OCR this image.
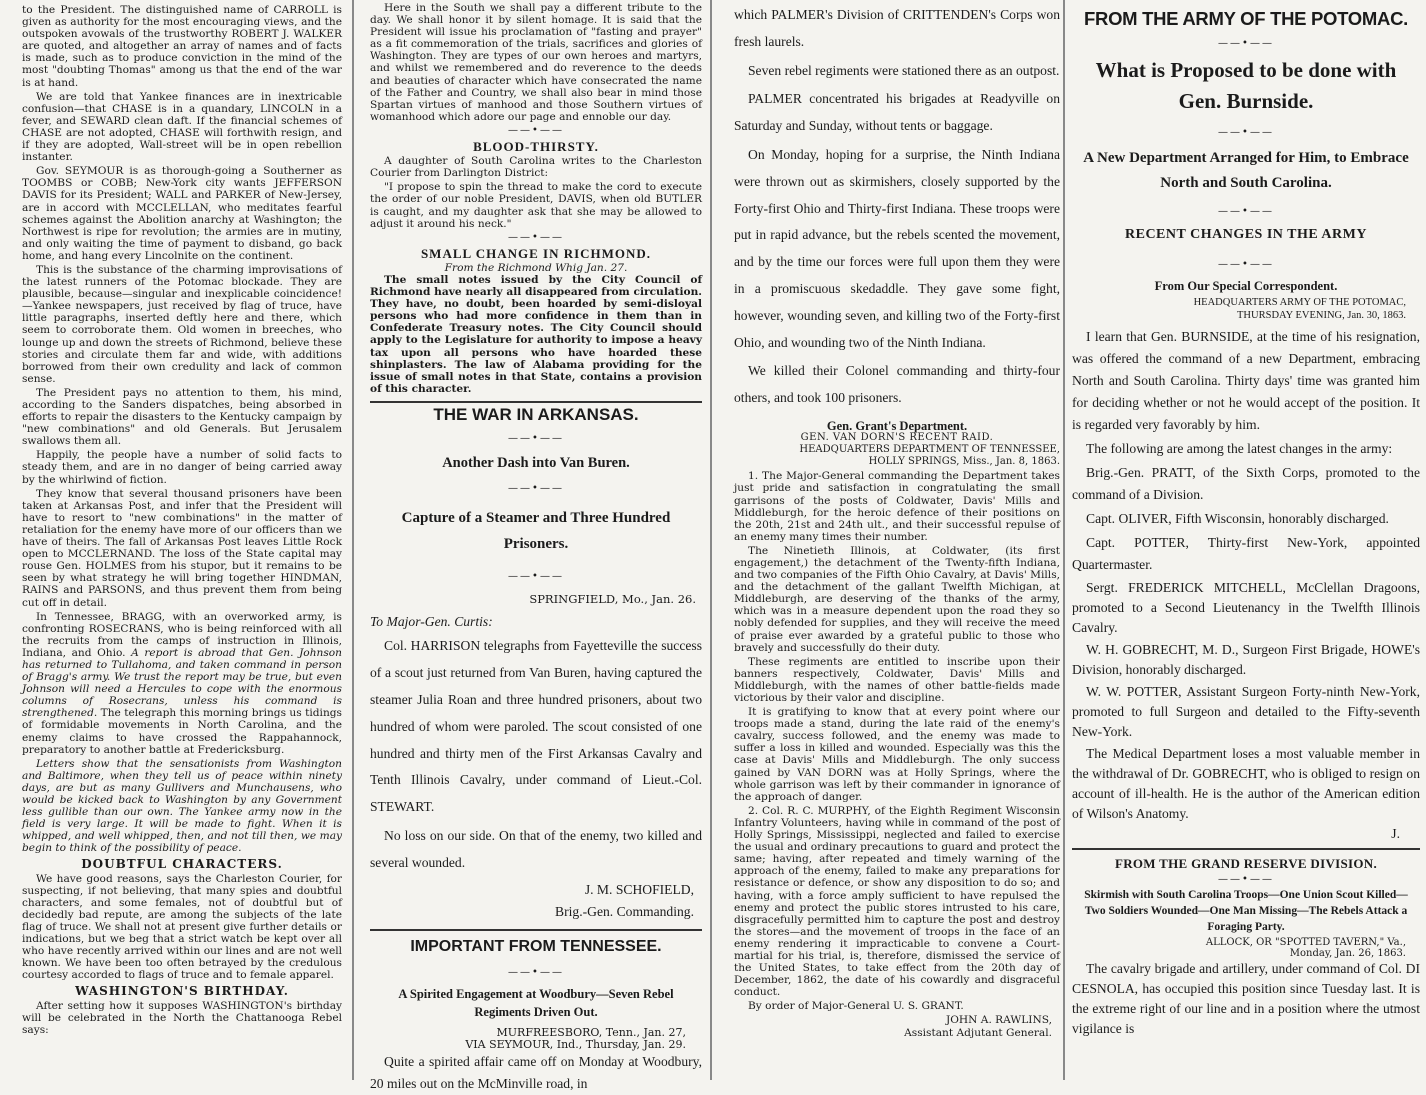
to the President. The distinguished name of CARROLL is given as authority for the most encouraging views, and the outspoken avowals of the trustworthy ROBERT J. WALKER are quoted, and altogether an array of names and of facts is made, such as to produce conviction in the mind of the most "doubting Thomas" among us that the end of the war is at hand.

We are told that Yankee finances are in inextricable confusion—that CHASE is in a quandary, LINCOLN in a fever, and SEWARD clean daft. If the financial schemes of CHASE are not adopted, CHASE will forthwith resign, and if they are adopted, Wall-street will be in open rebellion instanter.

Gov. SEYMOUR is as thorough-going a Southerner as TOOMBS or COBB; New-York city wants JEFFERSON DAVIS for its President; WALL and PARKER of New-Jersey, are in accord with MCCLELLAN, who meditates fearful schemes against the Abolition anarchy at Washington; the Northwest is ripe for revolution; the armies are in mutiny, and only waiting the time of payment to disband, go back home, and hang every Lincolnite on the continent.

This is the substance of the charming improvisations of the latest runners of the Potomac blockade. They are plausible, because—singular and inexplicable coincidence!—Yankee newspapers, just received by flag of truce, have little paragraphs, inserted deftly here and there, which seem to corroborate them. Old women in breeches, who lounge up and down the streets of Richmond, believe these stories and circulate them far and wide, with additions borrowed from their own credulity and lack of common sense.

The President pays no attention to them, his mind, according to the Sanders dispatches, being absorbed in efforts to repair the disasters to the Kentucky campaign by "new combinations" and old Generals. But Jerusalem swallows them all.

Happily, the people have a number of solid facts to steady them, and are in no danger of being carried away by the whirlwind of fiction.

They know that several thousand prisoners have been taken at Arkansas Post, and infer that the President will have to resort to "new combinations" in the matter of retaliation for the enemy have more of our officers than we have of theirs. The fall of Arkansas Post leaves Little Rock open to MCCLERNAND. The loss of the State capital may rouse Gen. HOLMES from his stupor, but it remains to be seen by what strategy he will bring together HINDMAN, RAINS and PARSONS, and thus prevent them from being cut off in detail.

In Tennessee, BRAGG, with an overworked army, is confronting ROSECRANS, who is being reinforced with all the recruits from the camps of instruction in Illinois, Indiana, and Ohio. A report is abroad that Gen. Johnson has returned to Tullahoma, and taken command in person of Bragg's army. We trust the report may be true, but even Johnson will need a Hercules to cope with the enormous columns of Rosecrans, unless his command is strengthened. The telegraph this morning brings us tidings of formidable movements in North Carolina, and the enemy claims to have crossed the Rappahannock, preparatory to another battle at Fredericksburg.

Letters show that the sensationists from Washington and Baltimore, when they tell us of peace within ninety days, are but as many Gullivers and Munchausens, who would be kicked back to Washington by any Government less gullible than our own. The Yankee army now in the field is very large. It will be made to fight. When it is whipped, and well whipped, then, and not till then, we may begin to think of the possibility of peace.

DOUBTFUL CHARACTERS.

We have good reasons, says the Charleston Courier, for suspecting, if not believing, that many spies and doubtful characters, and some females, not of doubtful but of decidedly bad repute, are among the subjects of the late flag of truce. We shall not at present give further details or indications, but we beg that a strict watch be kept over all who have recently arrived within our lines and are not well known. We have been too often betrayed by the credulous courtesy accorded to flags of truce and to female apparel.

WASHINGTON'S BIRTHDAY.

After setting how it supposes WASHINGTON's birthday will be celebrated in the North the Chattanooga Rebel says:

Here in the South we shall pay a different tribute to the day. We shall honor it by silent homage. It is said that the President will issue his proclamation of "fasting and prayer" as a fit commemoration of the trials, sacrifices and glories of Washington. They are types of our own heroes and martyrs, and whilst we remembered and do reverence to the deeds and beauties of character which have consecrated the name of the Father and Country, we shall also bear in mind those Spartan virtues of manhood and those Southern virtues of womanhood which adore our page and ennoble our day.

——•——
BLOOD-THIRSTY.

A daughter of South Carolina writes to the Charleston Courier from Darlington District:

"I propose to spin the thread to make the cord to execute the order of our noble President, DAVIS, when old BUTLER is caught, and my daughter ask that she may be allowed to adjust it around his neck."

——•——
SMALL CHANGE IN RICHMOND.
From the Richmond Whig Jan. 27.

The small notes issued by the City Council of Richmond have nearly all disappeared from circulation. They have, no doubt, been hoarded by semi-disloyal persons who had more confidence in them than in Confederate Treasury notes. The City Council should apply to the Legislature for authority to impose a heavy tax upon all persons who have hoarded these shinplasters. The law of Alabama providing for the issue of small notes in that State, contains a provision of this character.

THE WAR IN ARKANSAS.
——•——
Another Dash into Van Buren.
——•——
Capture of a Steamer and Three Hundred Prisoners.
——•——
SPRINGFIELD, Mo., Jan. 26.
To Major-Gen. Curtis:

Col. HARRISON telegraphs from Fayetteville the success of a scout just returned from Van Buren, having captured the steamer Julia Roan and three hundred prisoners, about two hundred of whom were paroled. The scout consisted of one hundred and thirty men of the First Arkansas Cavalry and Tenth Illinois Cavalry, under command of Lieut.-Col. STEWART.

No loss on our side. On that of the enemy, two killed and several wounded.

J. M. SCHOFIELD,
Brig.-Gen. Commanding.
IMPORTANT FROM TENNESSEE.
——•——
A Spirited Engagement at Woodbury—Seven Rebel Regiments Driven Out.
MURFREESBORO, Tenn., Jan. 27,
VIA SEYMOUR, Ind., Thursday, Jan. 29.

Quite a spirited affair came off on Monday at Woodbury, 20 miles out on the McMinville road, in

which PALMER's Division of CRITTENDEN's Corps won fresh laurels.

Seven rebel regiments were stationed there as an outpost.

PALMER concentrated his brigades at Readyville on Saturday and Sunday, without tents or baggage.

On Monday, hoping for a surprise, the Ninth Indiana were thrown out as skirmishers, closely supported by the Forty-first Ohio and Thirty-first Indiana. These troops were put in rapid advance, but the rebels scented the movement, and by the time our forces were full upon them they were in a promiscuous skedaddle. They gave some fight, however, wounding seven, and killing two of the Forty-first Ohio, and wounding two of the Ninth Indiana.

We killed their Colonel commanding and thirty-four others, and took 100 prisoners.

Gen. Grant's Department.
GEN. VAN DORN'S RECENT RAID.
HEADQUARTERS DEPARTMENT OF TENNESSEE,
HOLLY SPRINGS, Miss., Jan. 8, 1863.

1. The Major-General commanding the Department takes just pride and satisfaction in congratulating the small garrisons of the posts of Coldwater, Davis' Mills and Middleburgh, for the heroic defence of their positions on the 20th, 21st and 24th ult., and their successful repulse of an enemy many times their number.

The Ninetieth Illinois, at Coldwater, (its first engagement,) the detachment of the Twenty-fifth Indiana, and two companies of the Fifth Ohio Cavalry, at Davis' Mills, and the detachment of the gallant Twelfth Michigan, at Middleburgh, are deserving of the thanks of the army, which was in a measure dependent upon the road they so nobly defended for supplies, and they will receive the meed of praise ever awarded by a grateful public to those who bravely and successfully do their duty.

These regiments are entitled to inscribe upon their banners respectively, Coldwater, Davis' Mills and Middleburgh, with the names of other battle-fields made victorious by their valor and discipline.

It is gratifying to know that at every point where our troops made a stand, during the late raid of the enemy's cavalry, success followed, and the enemy was made to suffer a loss in killed and wounded. Especially was this the case at Davis' Mills and Middleburgh. The only success gained by VAN DORN was at Holly Springs, where the whole garrison was left by their commander in ignorance of the approach of danger.

2. Col. R. C. MURPHY, of the Eighth Regiment Wisconsin Infantry Volunteers, having while in command of the post of Holly Springs, Mississippi, neglected and failed to exercise the usual and ordinary precautions to guard and protect the same; having, after repeated and timely warning of the approach of the enemy, failed to make any preparations for resistance or defence, or show any disposition to do so; and having, with a force amply sufficient to have repulsed the enemy and protect the public stores intrusted to his care, disgracefully permitted him to capture the post and destroy the stores—and the movement of troops in the face of an enemy rendering it impracticable to convene a Court-martial for his trial, is, therefore, dismissed the service of the United States, to take effect from the 20th day of December, 1862, the date of his cowardly and disgraceful conduct.

By order of Major-General U. S. GRANT.

JOHN A. RAWLINS,
Assistant Adjutant General.
FROM THE ARMY OF THE POTOMAC.
——•——
What is Proposed to be done with Gen. Burnside.
——•——
A New Department Arranged for Him, to Embrace North and South Carolina.
——•——
RECENT CHANGES IN THE ARMY
——•——
From Our Special Correspondent.
HEADQUARTERS ARMY OF THE POTOMAC,
THURSDAY EVENING, Jan. 30, 1863.

I learn that Gen. BURNSIDE, at the time of his resignation, was offered the command of a new Department, embracing North and South Carolina. Thirty days' time was granted him for deciding whether or not he would accept of the position. It is regarded very favorably by him.

The following are among the latest changes in the army:

Brig.-Gen. PRATT, of the Sixth Corps, promoted to the command of a Division.

Capt. OLIVER, Fifth Wisconsin, honorably discharged.

Capt. POTTER, Thirty-first New-York, appointed Quartermaster.

Sergt. FREDERICK MITCHELL, McClellan Dragoons, promoted to a Second Lieutenancy in the Twelfth Illinois Cavalry.

W. H. GOBRECHT, M. D., Surgeon First Brigade, HOWE's Division, honorably discharged.

W. W. POTTER, Assistant Surgeon Forty-ninth New-York, promoted to full Surgeon and detailed to the Fifty-seventh New-York.

The Medical Department loses a most valuable member in the withdrawal of Dr. GOBRECHT, who is obliged to resign on account of ill-health. He is the author of the American edition of Wilson's Anatomy.

J.
FROM THE GRAND RESERVE DIVISION.
——•——
Skirmish with South Carolina Troops—One Union Scout Killed—Two Soldiers Wounded—One Man Missing—The Rebels Attack a Foraging Party.
ALLOCK, OR "SPOTTED TAVERN," Va.,
Monday, Jan. 26, 1863.

The cavalry brigade and artillery, under command of Col. DI CESNOLA, has occupied this position since Tuesday last. It is the extreme right of our line and in a position where the utmost vigilance is
